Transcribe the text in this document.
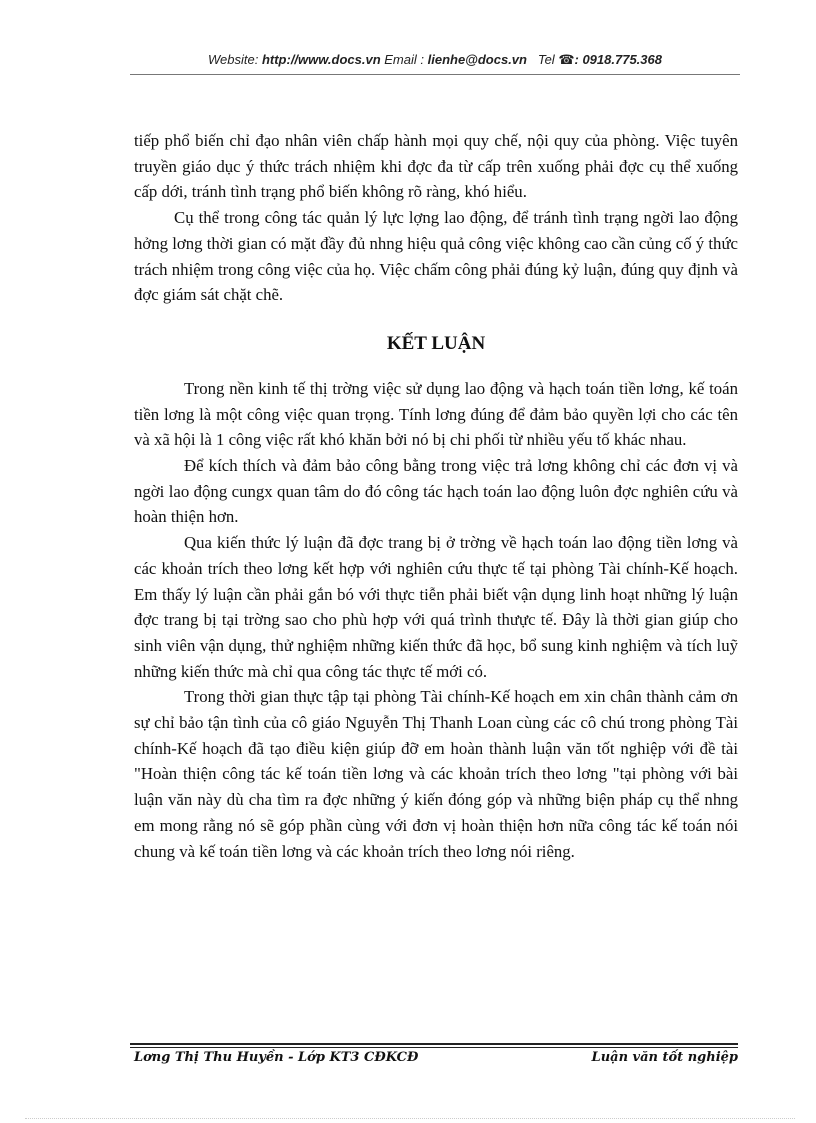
Website: http://www.docs.vn Email : lienhe@docs.vn   Tel ☎: 0918.775.368

tiếp phổ biến chỉ đạo nhân viên chấp hành mọi quy chế, nội quy của phòng. Việc tuyên truyền giáo dục ý thức trách nhiệm khi đợc đa từ cấp trên xuống phải đợc cụ thể xuống cấp dới, tránh tình trạng phổ biến không rõ ràng, khó hiểu.

Cụ thể trong công tác quản lý lực lợng lao động, để tránh tình trạng ngời lao động hởng lơng thời gian có mặt đầy đủ nhng hiệu quả công việc không cao cần củng cố ý thức trách nhiệm trong công việc của họ. Việc chấm công phải đúng kỷ luận, đúng quy định và đợc giám sát chặt chẽ.

KẾT LUẬN

Trong nền kinh tế thị trờng việc sử dụng lao động và hạch toán tiền lơng, kế toán tiền lơng là một công việc quan trọng. Tính lơng đúng để đảm bảo quyền lợi cho các tên và xã hội là 1 công việc rất khó khăn bởi nó bị chi phối từ nhiều yếu tố khác nhau.

Để kích thích và đảm bảo công bằng trong việc trả lơng không chỉ các đơn vị và ngời lao động cungx quan tâm do đó công tác hạch toán lao động luôn đợc nghiên cứu và hoàn thiện hơn.

Qua kiến thức lý luận đã đợc trang bị ở trờng về hạch toán lao động tiền lơng và các khoản trích theo lơng kết hợp với nghiên cứu thực tế tại phòng Tài chính-Kế hoạch. Em thấy lý luận cần phải gắn bó với thực tiễn phải biết vận dụng linh hoạt những lý luận đợc trang bị tại trờng sao cho phù hợp với quá trình thưực tế. Đây là thời gian giúp cho sinh viên vận dụng, thử nghiệm những kiến thức đã học, bổ sung kinh nghiệm và tích luỹ những kiến thức mà chỉ qua công tác thực tế mới có.

Trong thời gian thực tập tại phòng Tài chính-Kế hoạch em xin chân thành cảm ơn sự chỉ bảo tận tình của cô giáo Nguyễn Thị Thanh Loan cùng các cô chú trong phòng Tài chính-Kế hoạch đã tạo điều kiện giúp đỡ em hoàn thành luận văn tốt nghiệp với đề tài "Hoàn thiện công tác kế toán tiền lơng và các khoản trích theo lơng "tại phòng với bài luận văn này dù cha tìm ra đợc những ý kiến đóng góp và những biện pháp cụ thể nhng em mong rằng nó sẽ góp phần cùng với đơn vị hoàn thiện hơn nữa công tác kế toán nói chung và kế toán tiền lơng và các khoản trích theo lơng nói riêng.

Lơng Thị Thu Huyền - Lớp KT3 CĐKCĐ	Luận văn tốt nghiệp
